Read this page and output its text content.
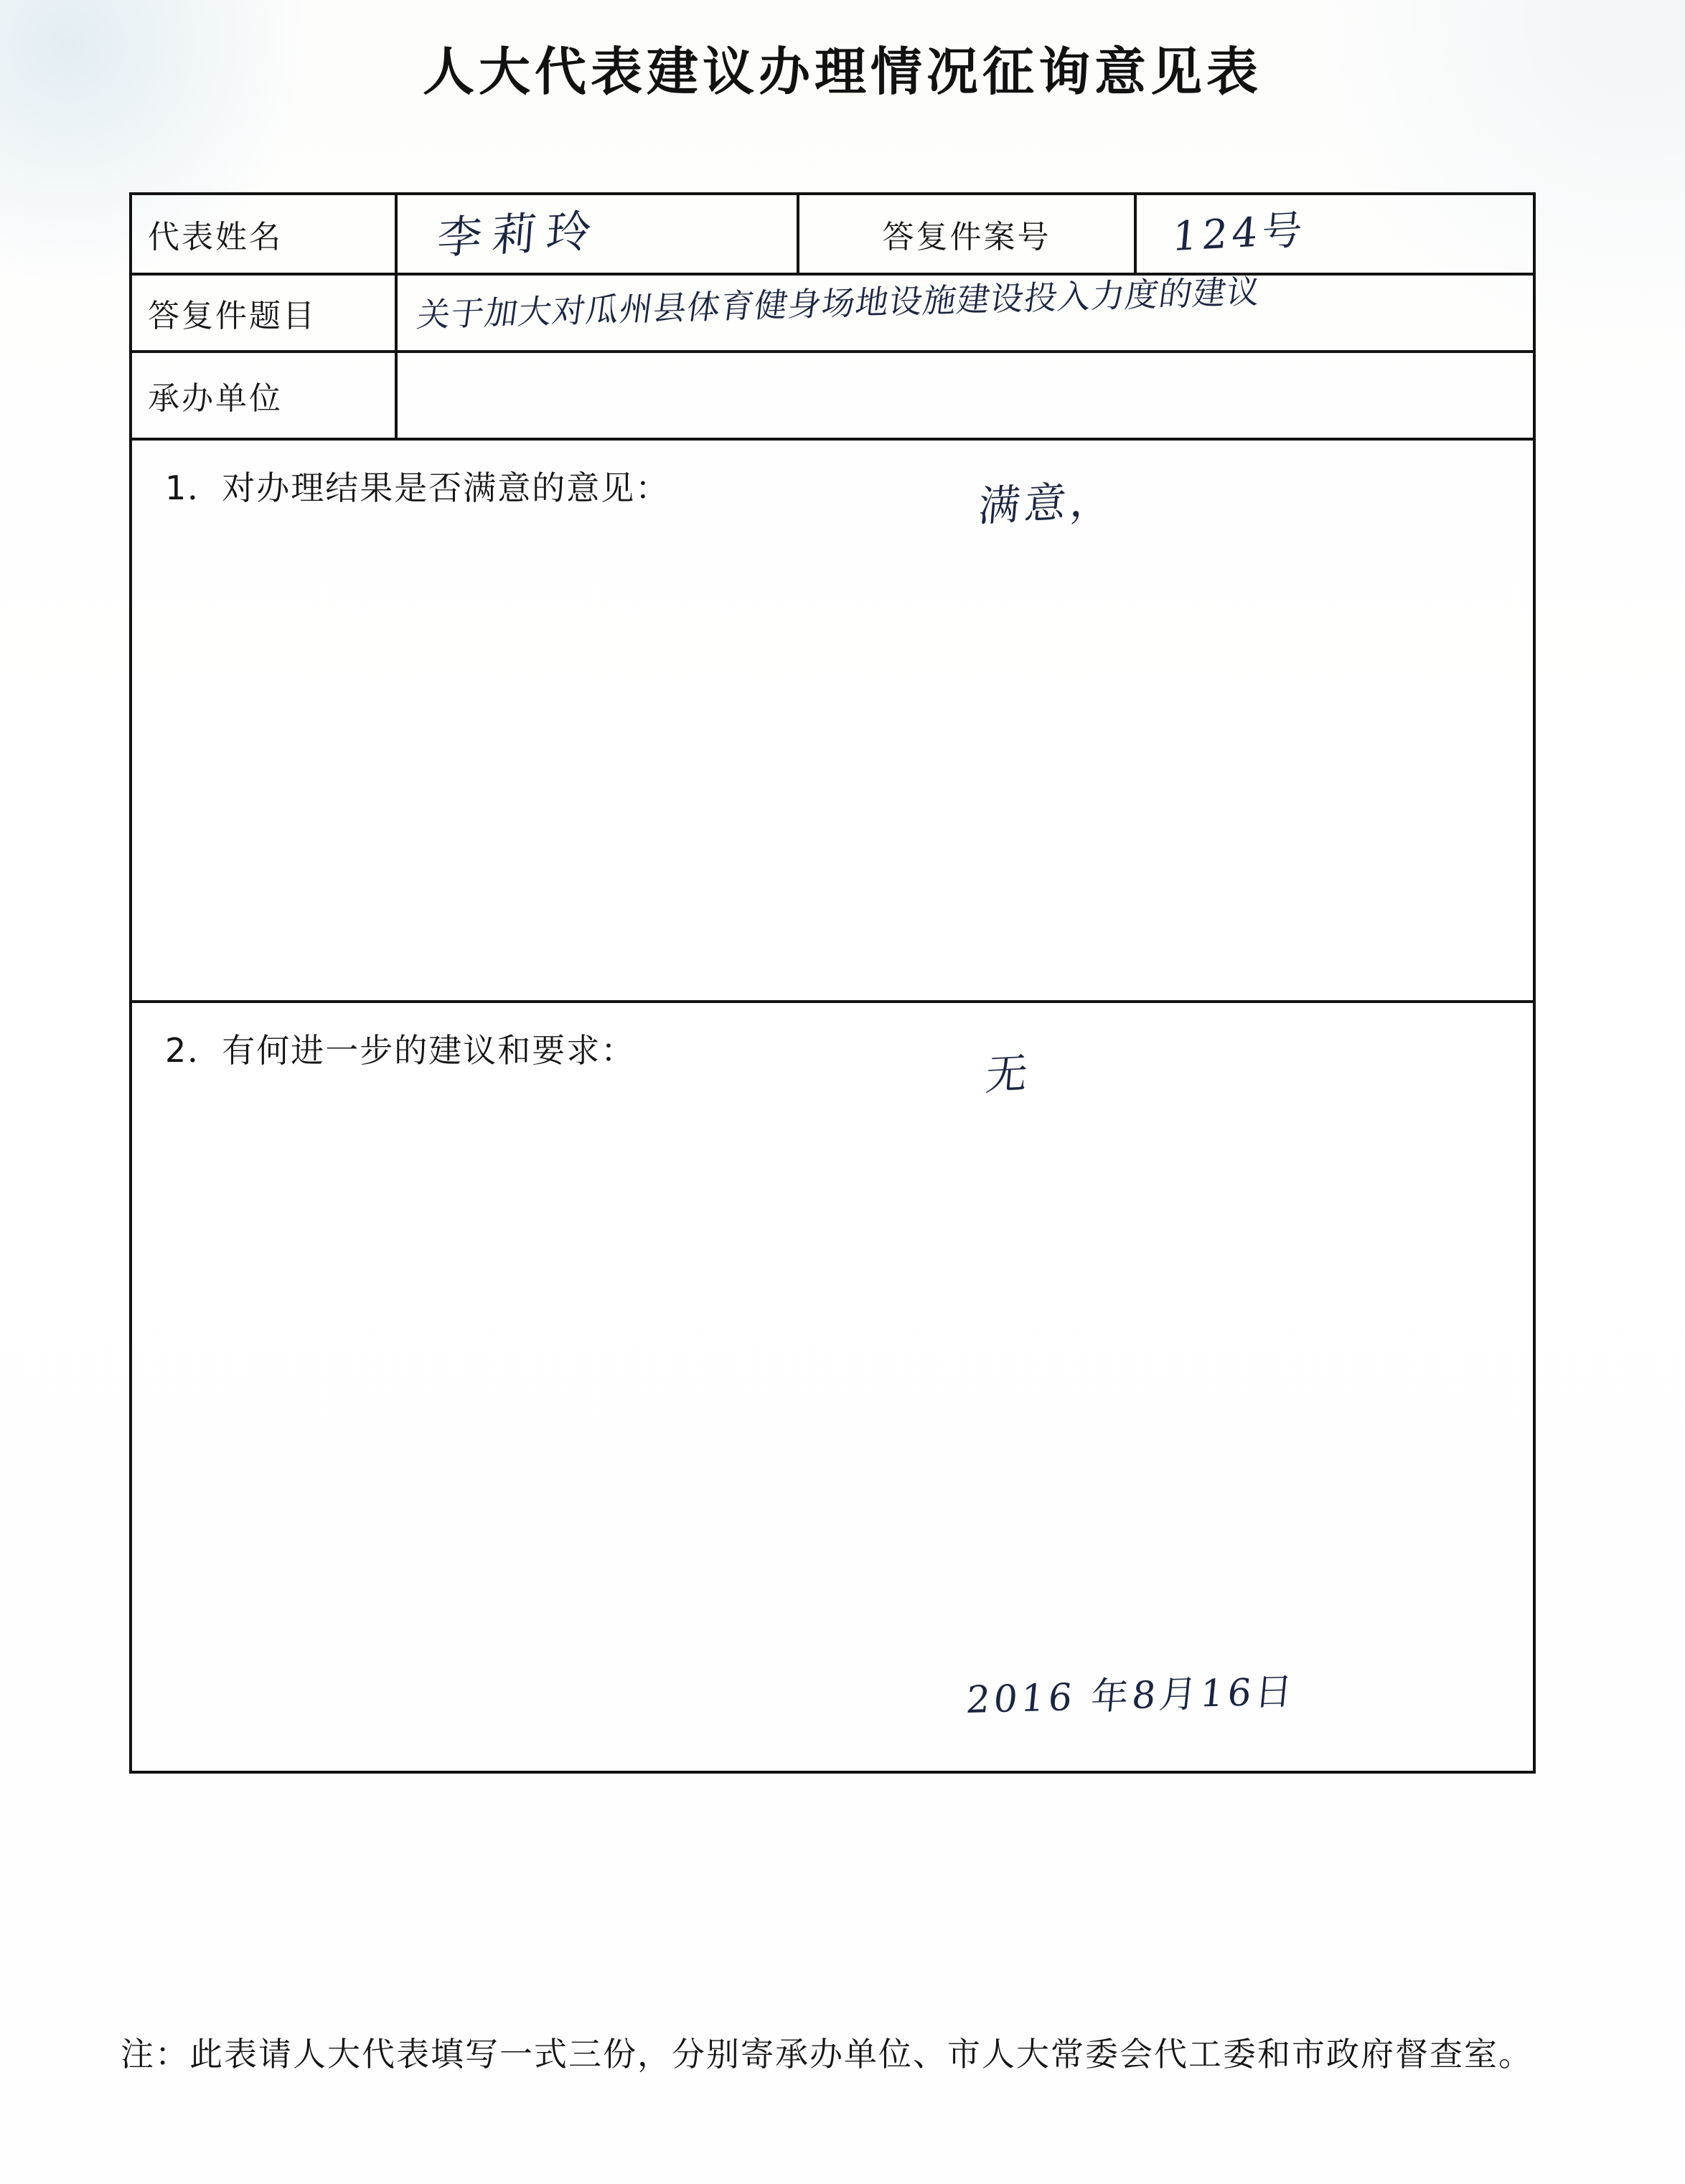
人大代表建议办理情况征询意见表
代表姓名	李莉玲	答复件案号	124号
答复件题目	关于加大对瓜州县体育健身场地设施建设投入力度的建议
承办单位
1．对办理结果是否满意的意见：	满意，
2．有何进一步的建议和要求：	无
2016 年8月16日
注：此表请人大代表填写一式三份，分别寄承办单位、市人大常委会代工委和市政府督查室。
